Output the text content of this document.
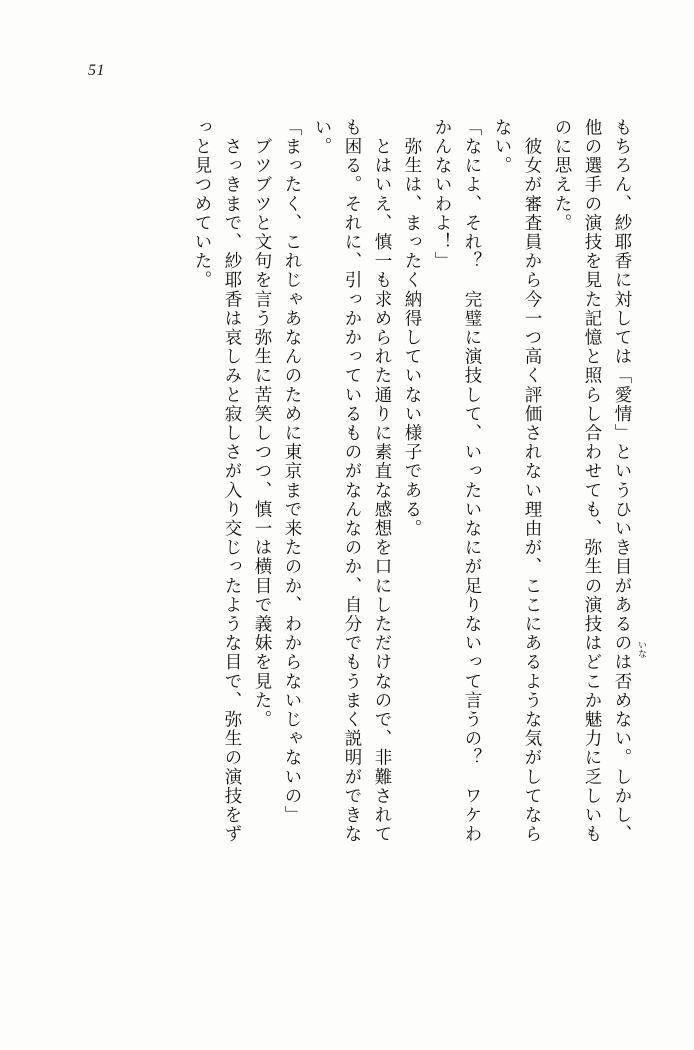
51
もちろん、紗耶香に対しては「愛情」というひいき目があるのは否めない。しかし、
他の選手の演技を見た記憶と照らし合わせても、弥生の演技はどこか魅力に乏しいも
のに思えた。
　彼女が審査員から今一つ高く評価されない理由が、ここにあるような気がしてなら
ない。
「なによ、それ？　完璧に演技して、いったいなにが足りないって言うの？　ワケわ
かんないわよ！」
　弥生は、まったく納得していない様子である。
　とはいえ、慎一も求められた通りに素直な感想を口にしただけなので、非難されて
も困る。それに、引っかかっているものがなんなのか、自分でもうまく説明ができな
い。
「まったく、これじゃあなんのために東京まで来たのか、わからないじゃないの」
　ブツブツと文句を言う弥生に苦笑しつつ、慎一は横目で義妹を見た。
　さっきまで、紗耶香は哀しみと寂しさが入り交じったような目で、弥生の演技をず
っと見つめていた。
いな
